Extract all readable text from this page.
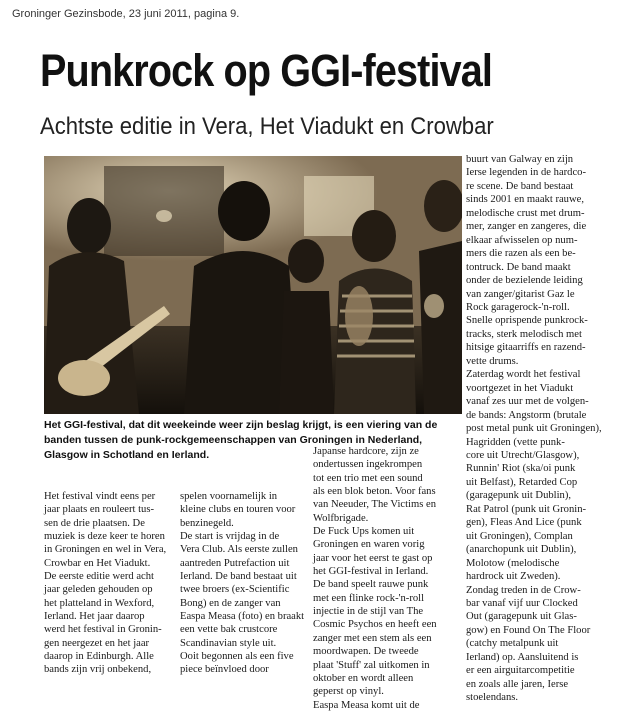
Groninger Gezinsbode, 23 juni 2011, pagina 9.
Punkrock op GGI-festival
Achtste editie in Vera, Het Viadukt en Crowbar
Het GGI-festival, dat dit weekeinde weer zijn beslag krijgt, is een viering van de banden tussen de punk-rockgemeenschappen van Groningen in Nederland, Glasgow in Schotland en Ierland.

Het festival vindt eens per
jaar plaats en rouleert tus-
sen de drie plaatsen. De
muziek is deze keer te horen
in Groningen en wel in Vera,
Crowbar en Het Viadukt.
De eerste editie werd acht
jaar geleden gehouden op
het platteland in Wexford,
Ierland. Het jaar daarop
werd het festival in Gronin-
gen neergezet en het jaar
daarop in Edinburgh. Alle
bands zijn vrij onbekend,

spelen voornamelijk in
kleine clubs en touren voor
benzinegeld.
De start is vrijdag in de
Vera Club. Als eerste zullen
aantreden Putrefaction uit
Ierland. De band bestaat uit
twee broers (ex-Scientific
Bong) en de zanger van
Easpa Measa (foto) en braakt
een vette bak crustcore
Scandinavian style uit.
Ooit begonnen als een five
piece beïnvloed door

Japanse hardcore, zijn ze
ondertussen ingekrompen
tot een trio met een sound
als een blok beton. Voor fans
van Neeuder, The Victims en
Wolfbrigade.
De Fuck Ups komen uit
Groningen en waren vorig
jaar voor het eerst te gast op
het GGI-festival in Ierland.
De band speelt rauwe punk
met een flinke rock-'n-roll
injectie in de stijl van The
Cosmic Psychos en heeft een
zanger met een stem als een
moordwapen. De tweede
plaat 'Stuff' zal uitkomen in
oktober en wordt alleen
geperst op vinyl.
Easpa Measa komt uit de

buurt van Galway en zijn
Ierse legenden in de hardco-
re scene. De band bestaat
sinds 2001 en maakt rauwe,
melodische crust met drum-
mer, zanger en zangeres, die
elkaar afwisselen op num-
mers die razen als een be-
tontruck. De band maakt
onder de bezielende leiding
van zanger/gitarist Gaz le
Rock garagerock-'n-roll.
Snelle oprispende punkrock-
tracks, sterk melodisch met
hitsige gitaarriffs en razend-
vette drums.
Zaterdag wordt het festival
voortgezet in het Viadukt
vanaf zes uur met de volgen-
de bands: Angstorm (brutale
post metal punk uit Groningen),
Hagridden (vette punk-
core uit Utrecht/Glasgow),
Runnin' Riot (ska/oi punk
uit Belfast), Retarded Cop
(garagepunk uit Dublin),
Rat Patrol (punk uit Gronin-
gen), Fleas And Lice (punk
uit Groningen), Complan
(anarchopunk uit Dublin),
Molotow (melodische
hardrock uit Zweden).
Zondag treden in de Crow-
bar vanaf vijf uur Clocked
Out (garagepunk uit Glas-
gow) en Found On The Floor
(catchy metalpunk uit
Ierland) op. Aansluitend is
er een airguitarcompetitie
en zoals alle jaren, Ierse
stoelendans.
